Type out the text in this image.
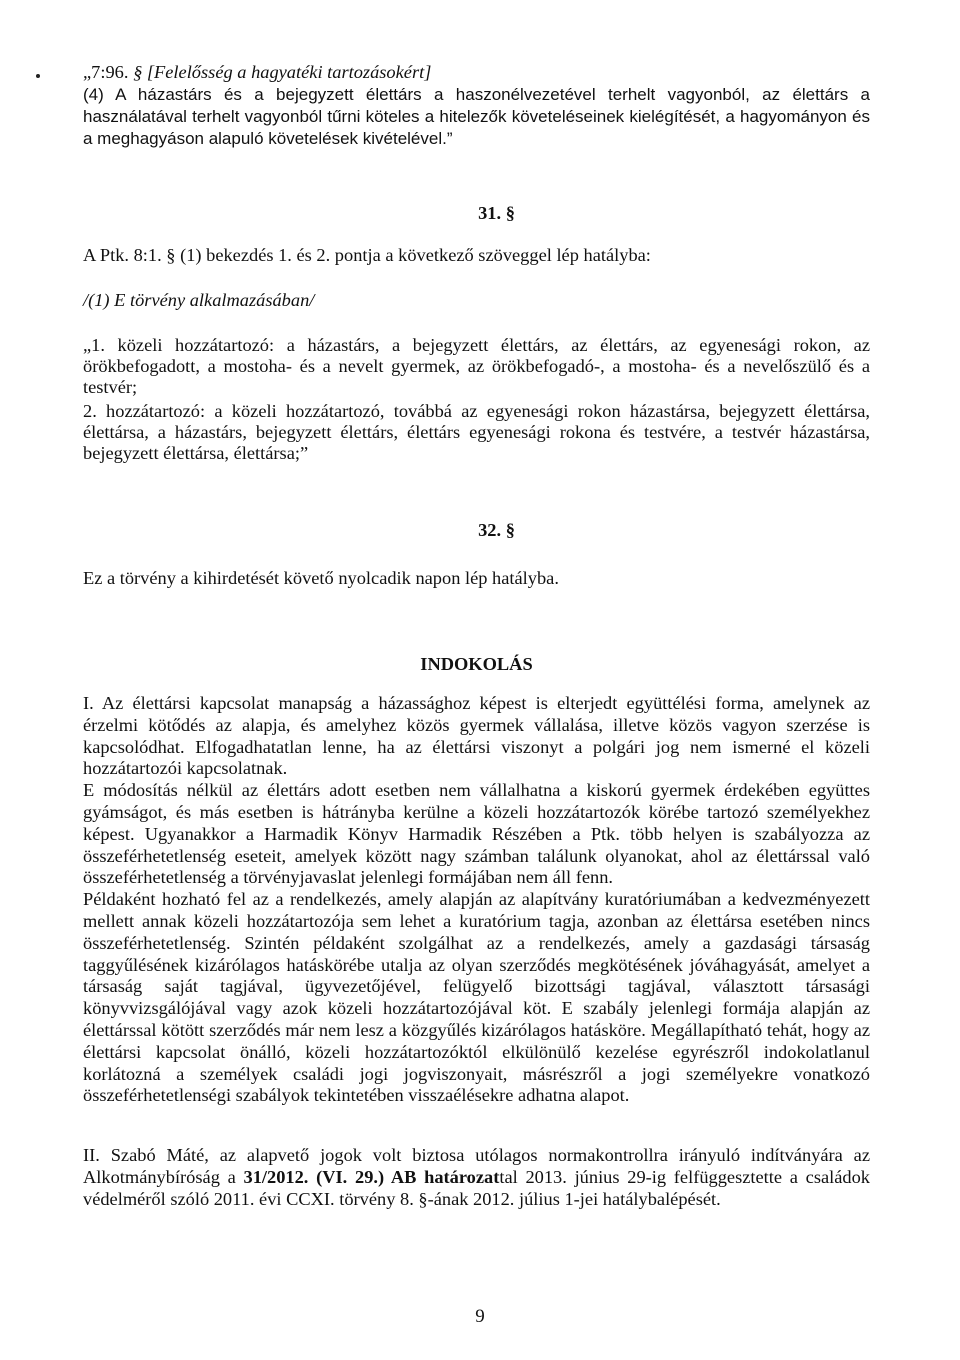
„7:96. § [Felelősség a hagyatéki tartozásokért]

(4) A házastárs és a bejegyzett élettárs a haszonélvezetével terhelt vagyonból, az élettárs a használatával terhelt vagyonból tűrni köteles a hitelezők követeléseinek kielégítését, a hagyományon és a meghagyáson alapuló követelések kivételével.”

31. §

A Ptk. 8:1. § (1) bekezdés 1. és 2. pontja a következő szöveggel lép hatályba:

/(1) E törvény alkalmazásában/

„1. közeli hozzátartozó: a házastárs, a bejegyzett élettárs, az élettárs, az egyenesági rokon, az örökbefogadott, a mostoha- és a nevelt gyermek, az örökbefogadó-, a mostoha- és a nevelőszülő és a testvér;

2. hozzátartozó: a közeli hozzátartozó, továbbá az egyenesági rokon házastársa, bejegyzett élettársa, élettársa, a házastárs, bejegyzett élettárs, élettárs egyenesági rokona és testvére, a testvér házastársa, bejegyzett élettársa, élettársa;”

32. §

Ez a törvény a kihirdetését követő nyolcadik napon lép hatályba.

INDOKOLÁS

I. Az élettársi kapcsolat manapság a házassághoz képest is elterjedt együttélési forma, amelynek az érzelmi kötődés az alapja, és amelyhez közös gyermek vállalása, illetve közös vagyon szerzése is kapcsolódhat. Elfogadhatatlan lenne, ha az élettársi viszonyt a polgári jog nem ismerné el közeli hozzátartozói kapcsolatnak.

E módosítás nélkül az élettárs adott esetben nem vállalhatna a kiskorú gyermek érdekében együttes gyámságot, és más esetben is hátrányba kerülne a közeli hozzátartozók körébe tartozó személyekhez képest. Ugyanakkor a Harmadik Könyv Harmadik Részében a Ptk. több helyen is szabályozza az összeférhetetlenség eseteit, amelyek között nagy számban találunk olyanokat, ahol az élettárssal való összeférhetetlenség a törvényjavaslat jelenlegi formájában nem áll fenn.

Példaként hozható fel az a rendelkezés, amely alapján az alapítvány kuratóriumában a kedvezményezett mellett annak közeli hozzátartozója sem lehet a kuratórium tagja, azonban az élettársa esetében nincs összeférhetetlenség. Szintén példaként szolgálhat az a rendelkezés, amely a gazdasági társaság taggyűlésének kizárólagos hatáskörébe utalja az olyan szerződés megkötésének jóváhagyását, amelyet a társaság saját tagjával, ügyvezetőjével, felügyelő bizottsági tagjával, választott társasági könyvvizsgálójával vagy azok közeli hozzátartozójával köt. E szabály jelenlegi formája alapján az élettárssal kötött szerződés már nem lesz a közgyűlés kizárólagos hatásköre. Megállapítható tehát, hogy az élettársi kapcsolat önálló, közeli hozzátartozóktól elkülönülő kezelése egyrészről indokolatlanul korlátozná a személyek családi jogi jogviszonyait, másrészről a jogi személyekre vonatkozó összeférhetetlenségi szabályok tekintetében visszaélésekre adhatna alapot.

II. Szabó Máté, az alapvető jogok volt biztosa utólagos normakontrollra irányuló indítványára az Alkotmánybíróság a 31/2012. (VI. 29.) AB határozattal 2013. június 29-ig felfüggesztette a családok védelméről szóló 2011. évi CCXI. törvény 8. §-ának 2012. július 1-jei hatálybalépését.

9
